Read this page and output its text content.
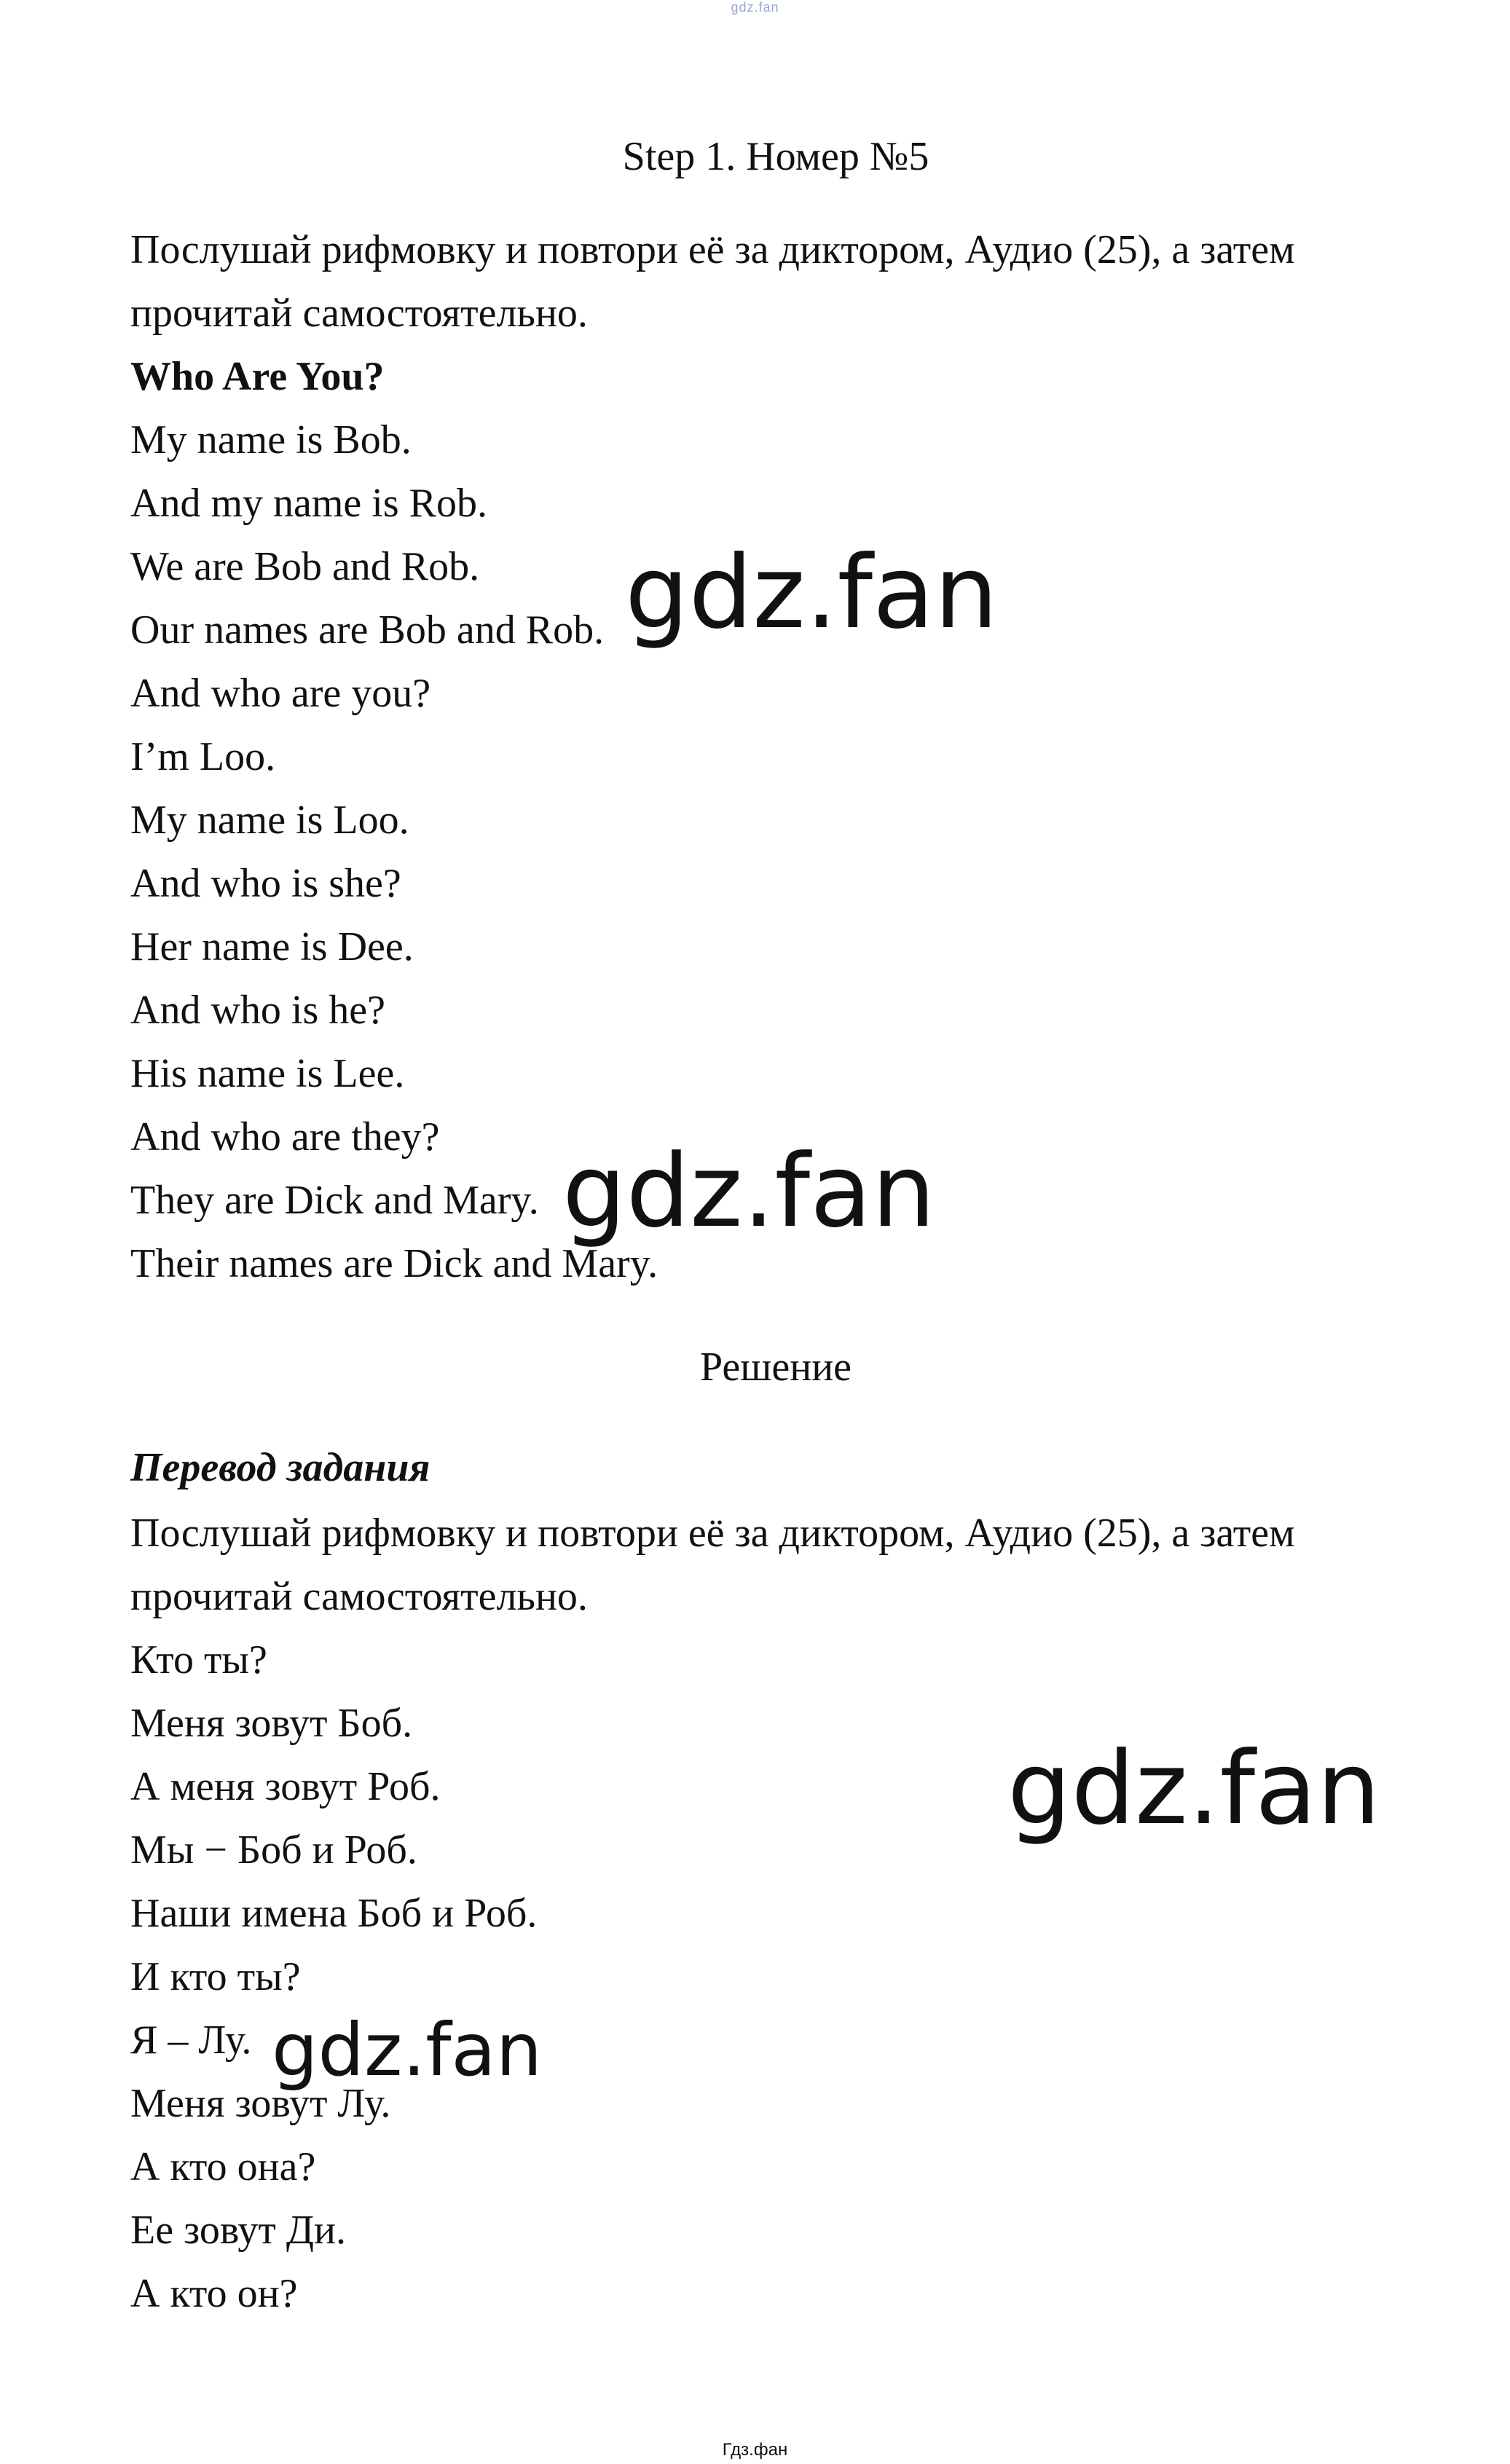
gdz.fan
Step 1. Номер №5
Послушай рифмовку и повтори её за диктором, Аудио (25), а затем
прочитай самостоятельно.
Who Are You?
My name is Bob.
And my name is Rob.
We are Bob and Rob.
Our names are Bob and Rob.
And who are you?
I’m Loo.
My name is Loo.
And who is she?
Her name is Dee.
And who is he?
His name is Lee.
And who are they?
They are Dick and Mary.
Their names are Dick and Mary.
Решение
Перевод задания
Послушай рифмовку и повтори её за диктором, Аудио (25), а затем
прочитай самостоятельно.
Кто ты?
Меня зовут Боб.
А меня зовут Роб.
Мы − Боб и Роб.
Наши имена Боб и Роб.
И кто ты?
Я – Лу.
Меня зовут Лу.
А кто она?
Ее зовут Ди.
А кто он?
gdz.fan
gdz.fan
gdz.fan
gdz.fan
Гдз.фан
